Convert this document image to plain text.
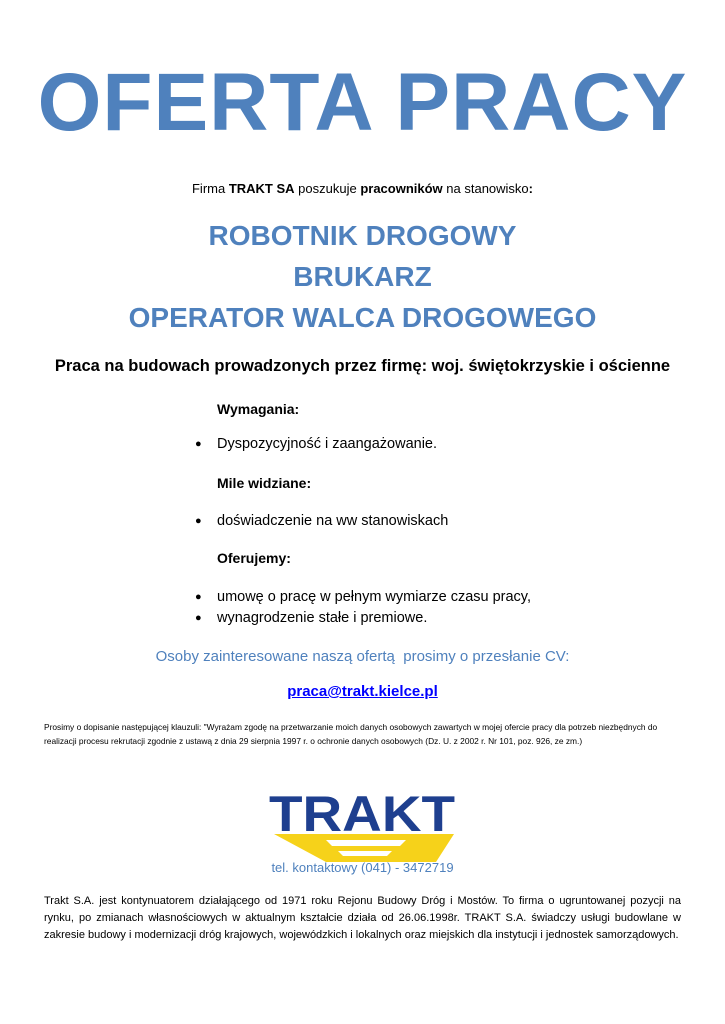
OFERTA PRACY
Firma TRAKT SA poszukuje pracowników na stanowisko:
ROBOTNIK DROGOWY
BRUKARZ
OPERATOR WALCA DROGOWEGO
Praca na budowach prowadzonych przez firmę: woj. świętokrzyskie i ościenne
Wymagania:
● Dyspozycyjność i zaangażowanie.
Mile widziane:
● doświadczenie na ww stanowiskach
Oferujemy:
● umowę o pracę w pełnym wymiarze czasu pracy,
● wynagrodzenie stałe i premiowe.
Osoby zainteresowane naszą ofertą  prosimy o przesłanie CV:
praca@trakt.kielce.pl
Prosimy o dopisanie następującej klauzuli: "Wyrażam zgodę na przetwarzanie moich danych osobowych zawartych w mojej ofercie pracy dla potrzeb niezbędnych do realizacji procesu rekrutacji zgodnie z ustawą z dnia 29 sierpnia 1997 r. o ochronie danych osobowych (Dz. U. z 2002 r. Nr 101, poz. 926, ze zm.)
TRAKT
tel. kontaktowy (041) - 3472719
Trakt S.A. jest kontynuatorem działającego od 1971 roku Rejonu Budowy Dróg i Mostów. To firma o ugruntowanej pozycji na rynku, po zmianach własnościowych w aktualnym kształcie działa od 26.06.1998r. TRAKT S.A. świadczy usługi budowlane w zakresie budowy i modernizacji dróg krajowych, wojewódzkich i lokalnych oraz miejskich dla instytucji i jednostek samorządowych.
